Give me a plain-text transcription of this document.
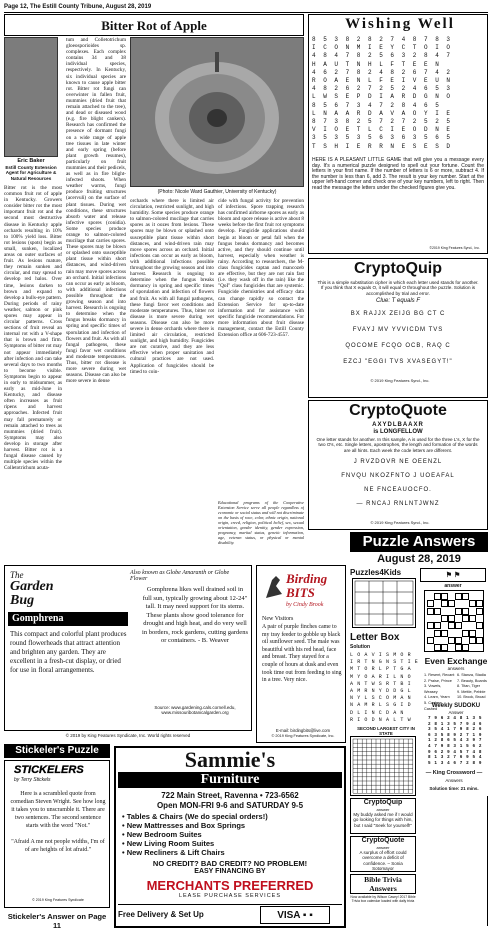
Page 12, The Estill County Tribune, August 28, 2019
Bitter Rot of Apple
Eric Baker
Estill County Extension Agent for Agriculture & Natural Resources
Bitter rot is the most common fruit rot of apple in Kentucky. Growers consider bitter rot the most important fruit rot and the second most destructive disease in Kentucky apple orchards resulting in 10% to 100% yield loss. Bitter rot lesions (spots) begin as small, sunken, localized areas on outer surfaces of fruit. As lesions mature, they remain sunken and circular, and may spread to develop red halos. Over time, lesions darken to brown and expand to develop a bulls-eye pattern. During periods of rainy weather, salmon or pink spores may appear in circular patterns. Cross sections of fruit reveal an internal rot with a V-shape that is brown and firm. Symptoms of bitter rot may not appear immediately after infection and can take several days to two months to become visible. Symptoms begin to appear in early to midsummer, as early as mid-June in Kentucky, and disease often increases as fruit ripens and harvest approaches. Infected fruit may fall prematurely or remain attached to trees as mummies (dried fruit). Symptoms may also develop in storage after harvest. Bitter rot is a fungal disease caused by multiple species within the Colletotrichum acuta-
tum and Colletotrichum gloeosporioides sp. complexes. Each complex contains 34 and 38 individual species, respectively. In Kentucky, six individual species are known to cause apple bitter rot. Bitter rot fungi can overwinter in fallen fruit, mummies (dried fruit that remain attached to the tree), and dead or diseased wood (e.g. fire blight cankers). Research has confirmed the presence of dormant fungi on a wide range of apple tree tissues in late winter and early spring (before plant growth resumes), particularly on fruit mummies and their pedicels, as well as in fire blight-infected shoots. When weather warms, fungi produce fruiting structures (acervuli) on the surface of plant tissues. During wet conditions, these structures absorb water and release infective spores (conidia). Some species produce orange to salmon-colored mucilage that carries spores. These spores may be blown or splashed onto susceptible plant tissue within short distances, and wind-driven rain may move spores across an orchard. Initial infections can occur as early as bloom, with additional infections possible throughout the growing season and into harvest. Research is ongoing to determine when the fungus breaks dormancy in spring and specific times of sporulation and infection of flowers and fruit. As with all fungal pathogens, these fungi favor wet conditions and moderate temperatures. Thus, bitter rot disease is more severe during wet seasons. Disease can also be more severe in dense
(Photo: Nicole Ward Gauthier, University of Kentucky)
orchards where there is limited air circulation, restricted sunlight, and high humidity. Some species produce orange to salmon-colored mucilage that carries spores as it oozes from lesions. These spores may be blown or splashed onto susceptible plant tissue within short distances, and wind-driven rain may move spores across an orchard. Initial infections can occur as early as bloom, with additional infections possible throughout the growing season and into harvest. Research is ongoing to determine when the fungus breaks dormancy in spring and specific times of sporulation and infection of flowers and fruit. As with all fungal pathogens, these fungi favor wet conditions and moderate temperatures. Thus, bitter rot disease is more severe during wet seasons. Disease can also be more severe in dense orchards where there is limited air circulation, restricted sunlight, and high humidity. Fungicides are not curative, and they are less effective when proper sanitation and cultural practices are not used. Application of fungicides should be timed to coin-
cide with fungal activity for prevention of infections. Spore trapping research has confirmed airborne spores as early as bloom and spore release is active about 8 weeks before the first fruit rot symptoms develop. Fungicide applications should begin at bloom or petal fall when the fungus breaks dormancy and becomes active, and they should continue until harvest, especially when weather is rainy. According to researchers, the M-class fungicides captan and mancozeb are effective, but they are not rain fast (i.e. they wash off in the rain) like the "QoI" class fungicides that are systemic. Fungicide chemistries and efficacy data can change rapidly so contact the Extension Service for up-to-date information and for assistance with specific fungicide recommendations. For more information about fruit disease management, contact the Estill County Extension office at 606-723-4557.
Educational programs of the Cooperative Extension Service serve all people regardless of economic or social status and will not discriminate on the basis of race, color, ethnic origin, national origin, creed, religion, political belief, sex, sexual orientation, gender identity, gender expression, pregnancy, marital status, genetic information, age, veteran status, or physical or mental disability.
The
Garden Bug
Gomphrena
This compact and colorful plant produces round flowerheads that attract attention and brighten any garden. They are excellent in a fresh-cut display, or dried for use in floral arrangements.
Also known as Globe Amaranth or Globe Flower
Gomphrena likes well drained soil in full sun, typically growing about 12-24" tall. It may need support for its stems. These plants show good tolerance for drought and high heat, and do very well in borders, rock gardens, cutting gardens or containers. - B. Weaver
Source: www.gardening.cals.cornell.edu, www.missouribotanicalgarden.org
© 2019 by King Features Syndicate, Inc. World rights reserved
Birding BITS
by Cindy Brook
New Visitors
A pair of purple finches came to my tray feeder to gobble up black oil sunflower seed. The male was beautiful with his red head, face and breast. They stayed for a couple of hours at dusk and even took time out from feeding to sing in a tree. Very nice.
E-mail: birdingbits@live.com
© 2019 King Features Syndicate, Inc.
Stickeler's Puzzle
STICKELERS
by Terry Stickels
Here is a scrambled quote from comedian Steven Wright. See how long it takes you to unscramble it. There are two sentences. The second sentence starts with the word "Not."
"Afraid A me not people widths, I'm of of are heights of lot afraid."
© 2019 King Features Syndicate
Stickeler's Answer on Page 11
Sammie's
Furniture
722 Main Street, Ravenna • 723-6562
Open MON-FRI 9-6 and SATURDAY 9-5
• Tables & Chairs (We do special orders!)
• New Mattresses and Box Springs
• New Bedroom Suites
• New Living Room Suites
• New Recliners & Lift Chairs
NO CREDIT? BAD CREDIT? NO PROBLEM!
EASY FINANCING BY
MERCHANTS PREFERRED
LEASE PURCHASE SERVICES
Free Delivery & Set Up	VISA ▪ ▪
Wishing Well
8 5 3 8 2 8 2 7 4 8 7 8 3
I C O N M I E Y C T O I O
4 8 4 7 8 2 5 6 3 2 8 4 7
H A U T N H L F T E E N
4 6 2 7 8 2 4 8 2 6 7 4 2
R O A E N L F E I V E U N
4 8 2 6 2 7 2 5 2 4 6 5 3
L W S E P D I A R D G N O
8 5 6 7 3 4 7 2 8 4 6 5
L N A A R D A V A O Y I E
8 7 3 8 2 5 7 2 7 2 5 2 5
V I O E T L C I E O D N E
3 5 3 5 3 5 6 3 6 3 5 6 5
T S H I E R R N E S E S D
HERE IS A PLEASANT LITTLE GAME that will give you a message every day. It's a numerical puzzle designed to spell out your fortune. Count the letters in your first name. If the number of letters is 6 or more, subtract 4. If the number is less than 6, add 3. The result is your key number. Start at the upper left-hand corner and check one of your key numbers, left to right. Then read the message the letters under the checked figures give you.
©2019 King Features Synd., Inc.
CryptoQuip
This is a simple substitution cipher in which each letter used stands for another. If you think that X equals O, it will equal O throughout the puzzle. Solution is accomplished by trial and error.
Clue: T equals F
BX RAJJX ZEIJG BG CT C
FVAYJ MV YVVICDM TVS
QOCOME FCQO OCB, RAQ C
EZCJ "EGGI TVS XVASEGYT!"
© 2019 King Features Synd., Inc.
CryptoQuote
AXYDLBAAXR
is LONGFELLOW
One letter stands for another. In this sample, A is used for the three L's, X for the two O's, etc. Single letters, apostrophes, the length and formation of the words are all hints. Each week the code letters are different.
J RVZDOVR NE OEENZL
FNVQU NKOZFNTO J UOEAFAL
NE FNCEAUOCFO.
— RNCAJ RNLNTJWNZ
© 2019 King Features Synd., Inc.
Puzzle Answers
August 28, 2019
Puzzles4Kids	⚑ ⚑
answer
Letter Box
Solution
L O A V I S M O R
I R T N G N S T I E
M T O R L P T G A
M Y O A R I L N O
A N T W S R T B I
A M R N Y D D G L
N Y L S C O M A N
N A M R L S G I D
D L I N C D A N
R I O D N A L T W
SECOND LARGEST CITY IN STATE
Even Exchange
answers
1. Resent, Recant
2. Praise, Prince
3. Vowels, Weasey
4. Learn, Yearn
5. Cashew, Cashed
6. Stanza, Stadia
7. Beauty, Boards
8. Titan, Tiger
9. Mettle, Pebble
10. Brook, Broad
Weekly SUDOKU
Answer
7 9 6 2 4 8 1 3 5
2 8 1 3 5 7 9 4 6
3 5 4 1 7 9 8 2 6
6 3 5 8 9 2 7 1 9
1 2 8 6 5 4 3 9 7
4 7 9 8 3 1 5 6 2
9 6 2 9 4 5 7 4 8
8 1 3 2 7 6 9 5 4
5 1 3 4 6 7 2 8 9
— King Crossword —
Answers
Solution time: 21 mins.
CryptoQuip
answer
My buddy asked me if I would go looking for things with him, but I said "Seek for yourself!"
CryptoQuote
answer
A surplus of effort could overcome a deficit of confidence. – Sonia Sotomayor
Bible Trivia Answers
Now available by Wilson Casey! 2017 Bible Trivia box calendar loaded with daily trivia
